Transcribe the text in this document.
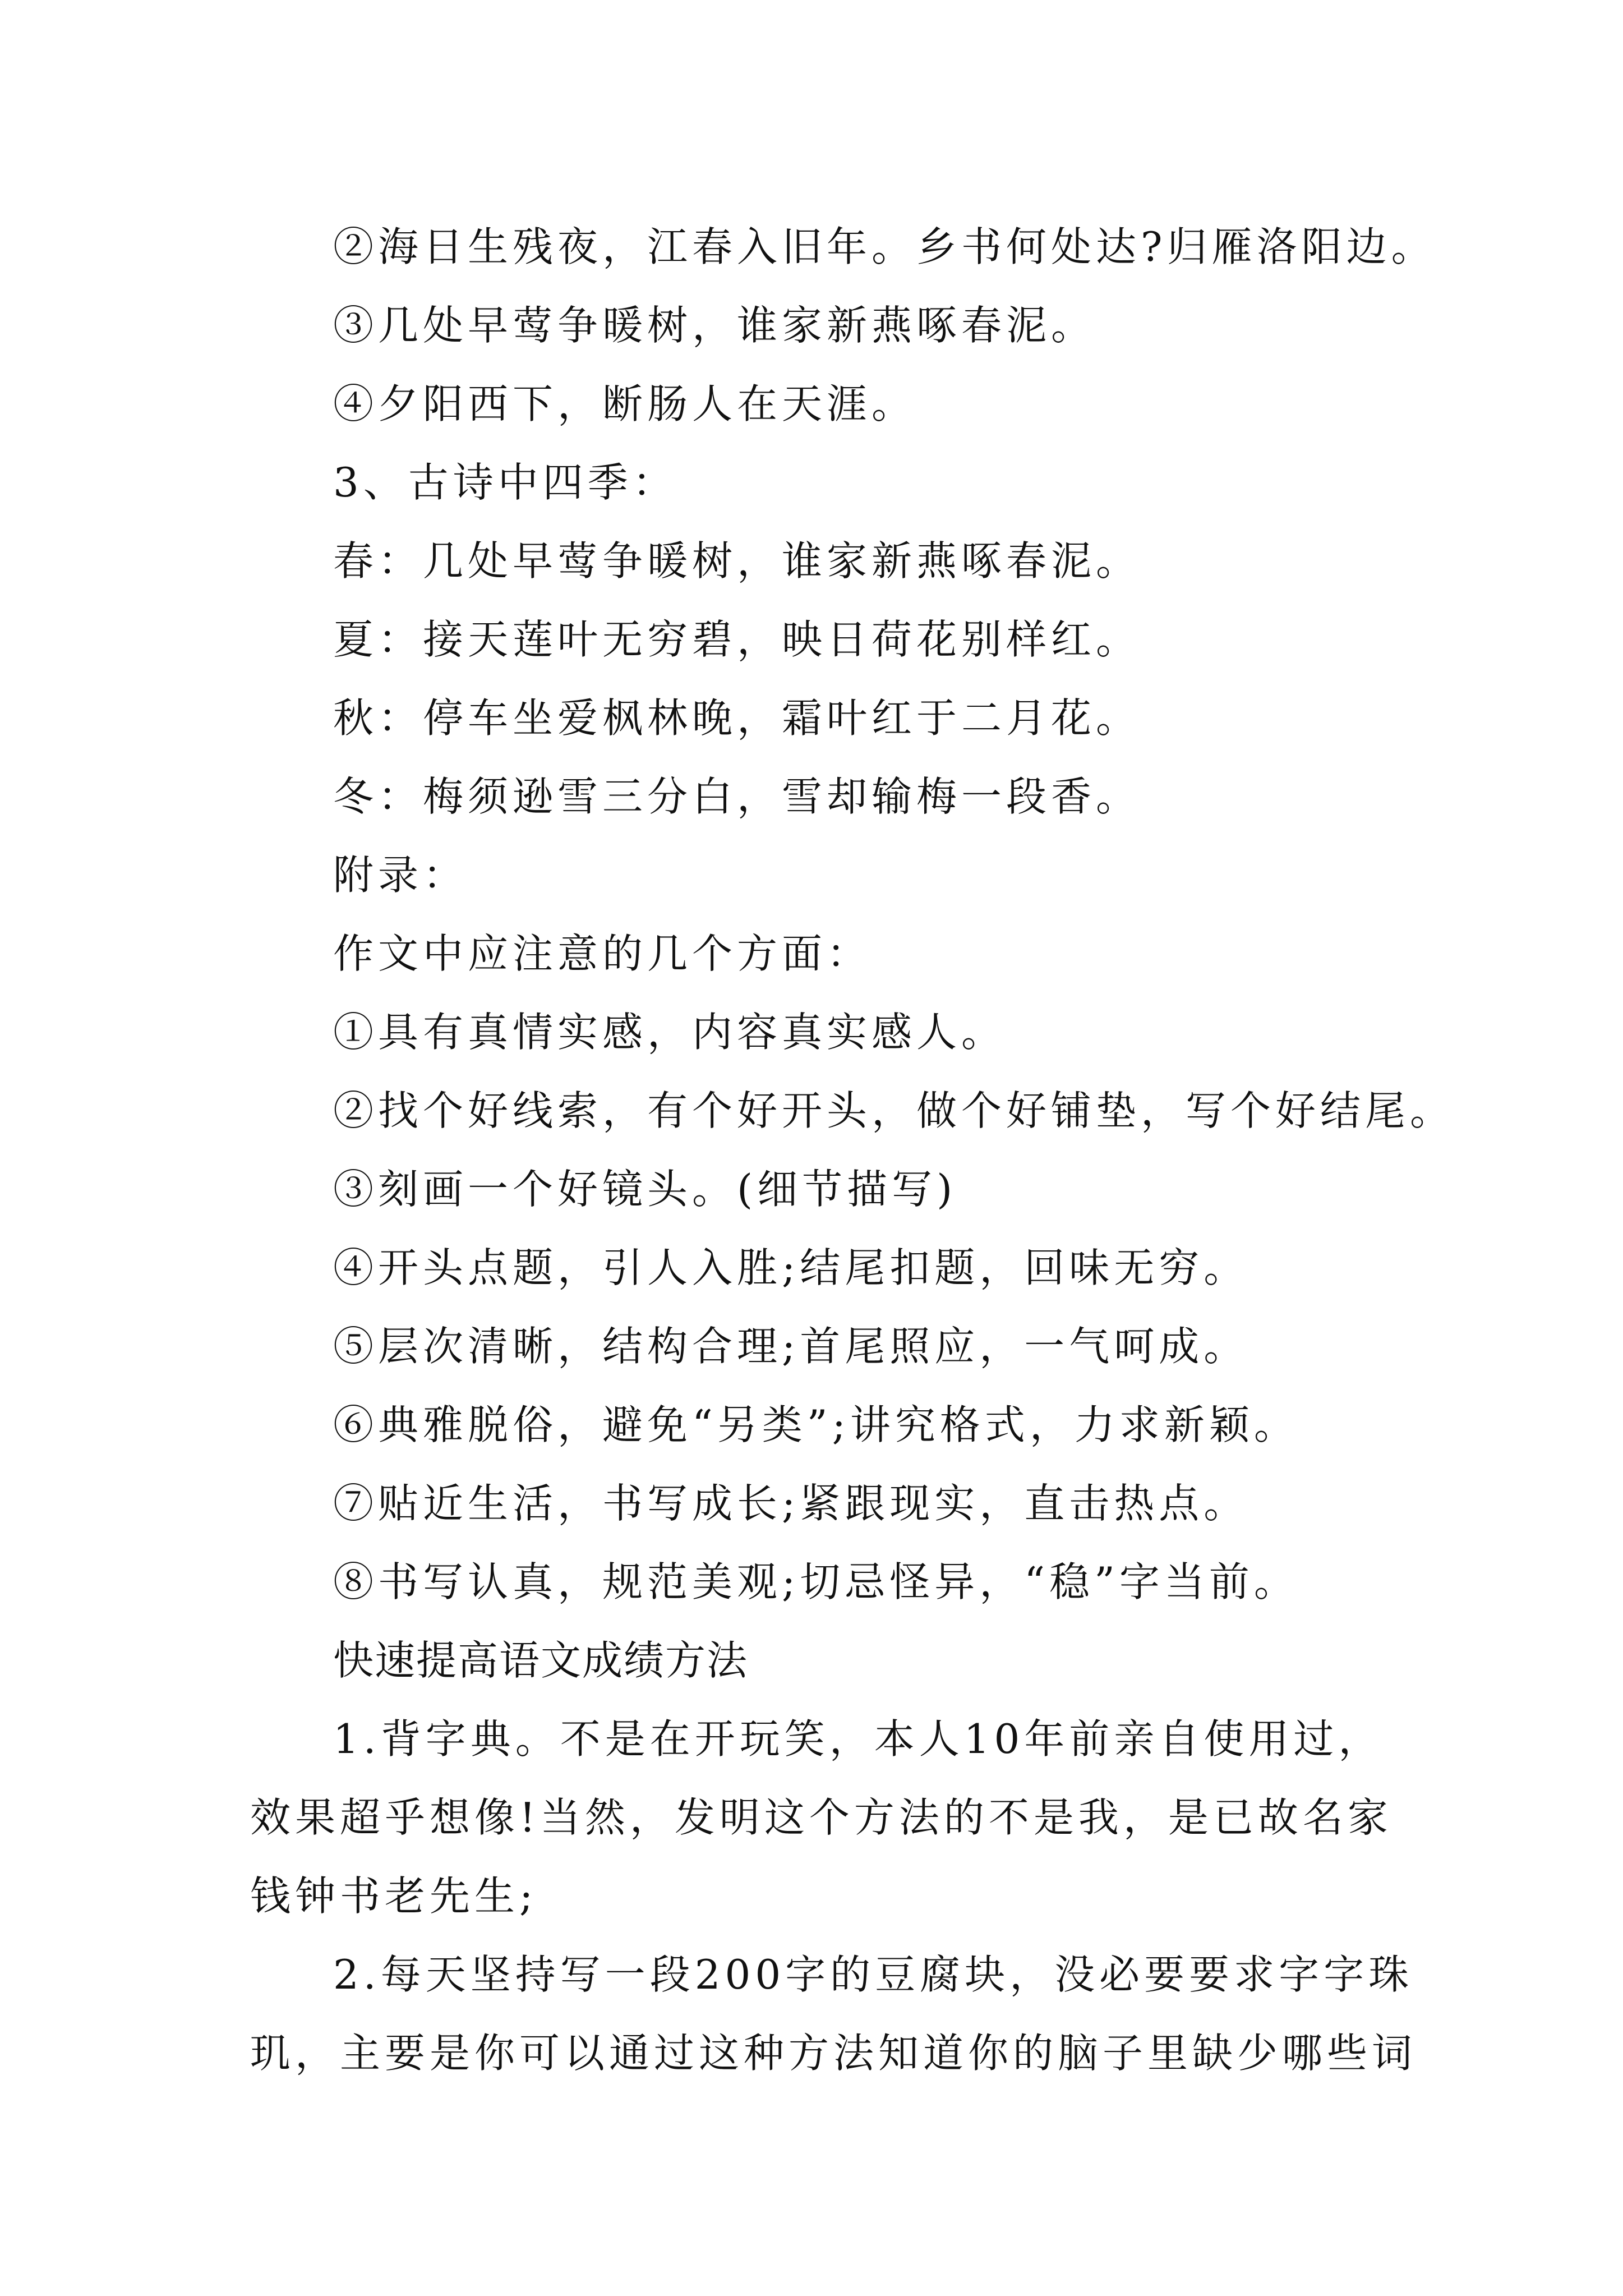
②海日生残夜，江春入旧年。乡书何处达?归雁洛阳边。
③几处早莺争暖树，谁家新燕啄春泥。
④夕阳西下，断肠人在天涯。
3、古诗中四季：
春：几处早莺争暖树，谁家新燕啄春泥。
夏：接天莲叶无穷碧，映日荷花别样红。
秋：停车坐爱枫林晚，霜叶红于二月花。
冬：梅须逊雪三分白，雪却输梅一段香。
附录：
作文中应注意的几个方面：
①具有真情实感，内容真实感人。
②找个好线索，有个好开头，做个好铺垫，写个好结尾。
③刻画一个好镜头。(细节描写)
④开头点题，引人入胜;结尾扣题，回味无穷。
⑤层次清晰，结构合理;首尾照应，一气呵成。
⑥典雅脱俗，避免“另类”;讲究格式，力求新颖。
⑦贴近生活，书写成长;紧跟现实，直击热点。
⑧书写认真，规范美观;切忌怪异，“稳”字当前。
快速提高语文成绩方法
1.背字典。不是在开玩笑，本人10年前亲自使用过，
效果超乎想像!当然，发明这个方法的不是我，是已故名家
钱钟书老先生;
2.每天坚持写一段200字的豆腐块，没必要要求字字珠
玑，主要是你可以通过这种方法知道你的脑子里缺少哪些词
